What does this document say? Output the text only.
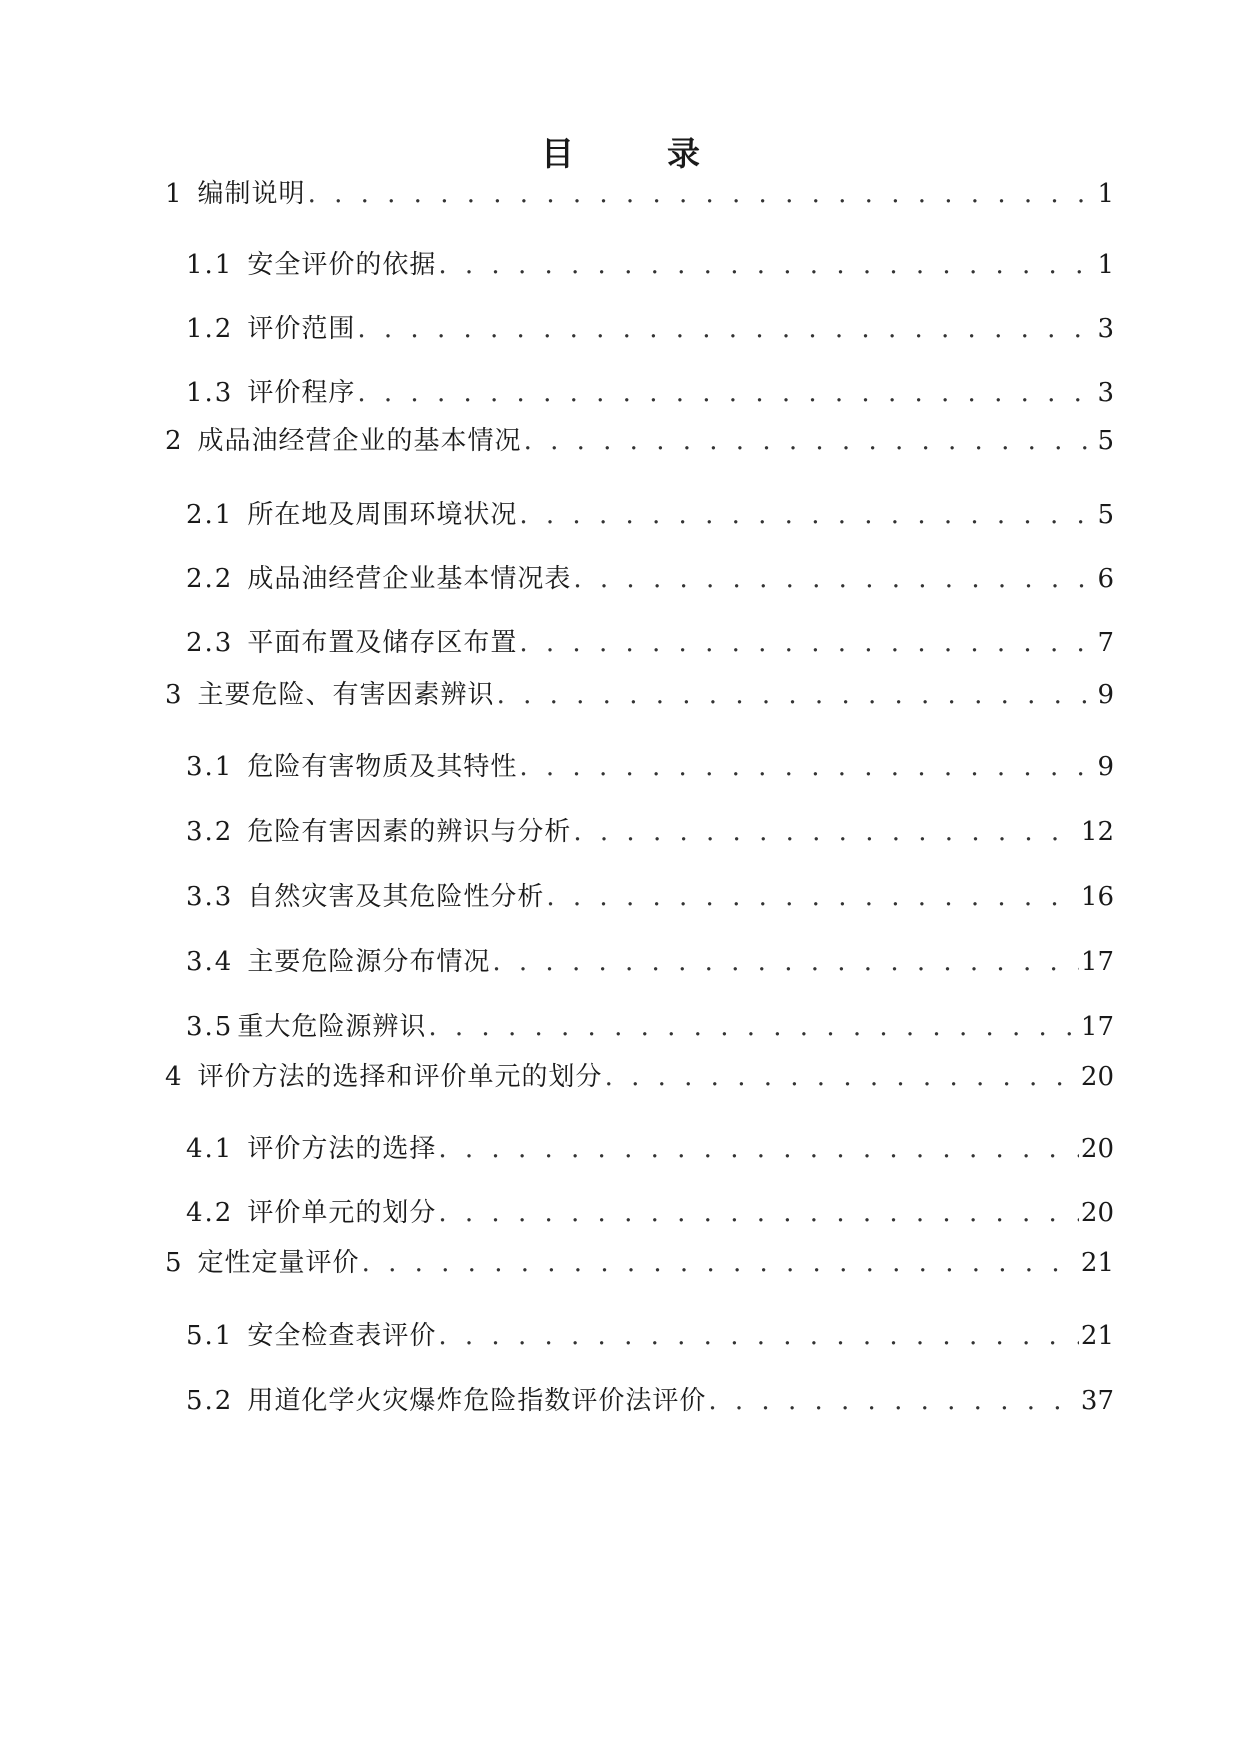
目　录
1 编制说明 . . .	1
1.1 安全评价的依据 . . .	1
1.2 评价范围 . . .	3
1.3 评价程序 . . .	3
2 成品油经营企业的基本情况 . . .	5
2.1 所在地及周围环境状况 . . .	5
2.2 成品油经营企业基本情况表 . . .	6
2.3 平面布置及储存区布置 . . .	7
3 主要危险、有害因素辨识 . . .	9
3.1 危险有害物质及其特性 . . .	9
3.2 危险有害因素的辨识与分析 . . .	12
3.3 自然灾害及其危险性分析 . . .	16
3.4 主要危险源分布情况 . . .	17
3.5 重大危险源辨识 . . .	17
4 评价方法的选择和评价单元的划分 . . .	20
4.1 评价方法的选择 . . .	20
4.2 评价单元的划分 . . .	20
5 定性定量评价 . . .	21
5.1 安全检查表评价 . . .	21
5.2 用道化学火灾爆炸危险指数评价法评价 . . .	37
